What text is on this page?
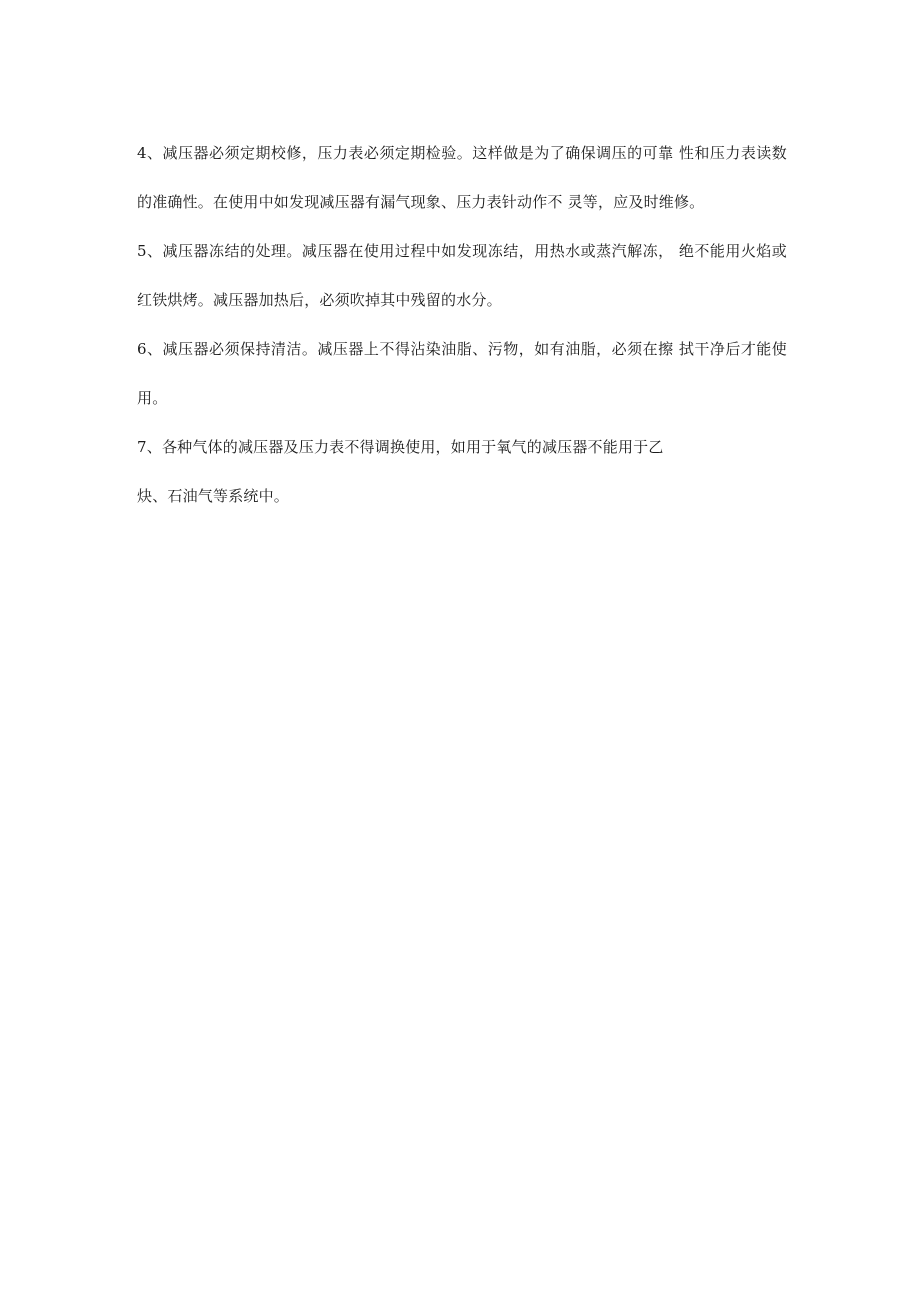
4、减压器必须定期校修，压力表必须定期检验。这样做是为了确保调压的可靠 性和压力表读数的准确性。在使用中如发现减压器有漏气现象、压力表针动作不 灵等，应及时维修。

5、减压器冻结的处理。减压器在使用过程中如发现冻结，用热水或蒸汽解冻， 绝不能用火焰或红铁烘烤。减压器加热后，必须吹掉其中残留的水分。

6、减压器必须保持清洁。减压器上不得沾染油脂、污物，如有油脂，必须在擦 拭干净后才能使用。

7、各种气体的减压器及压力表不得调换使用，如用于氧气的减压器不能用于乙

炔、石油气等系统中。
